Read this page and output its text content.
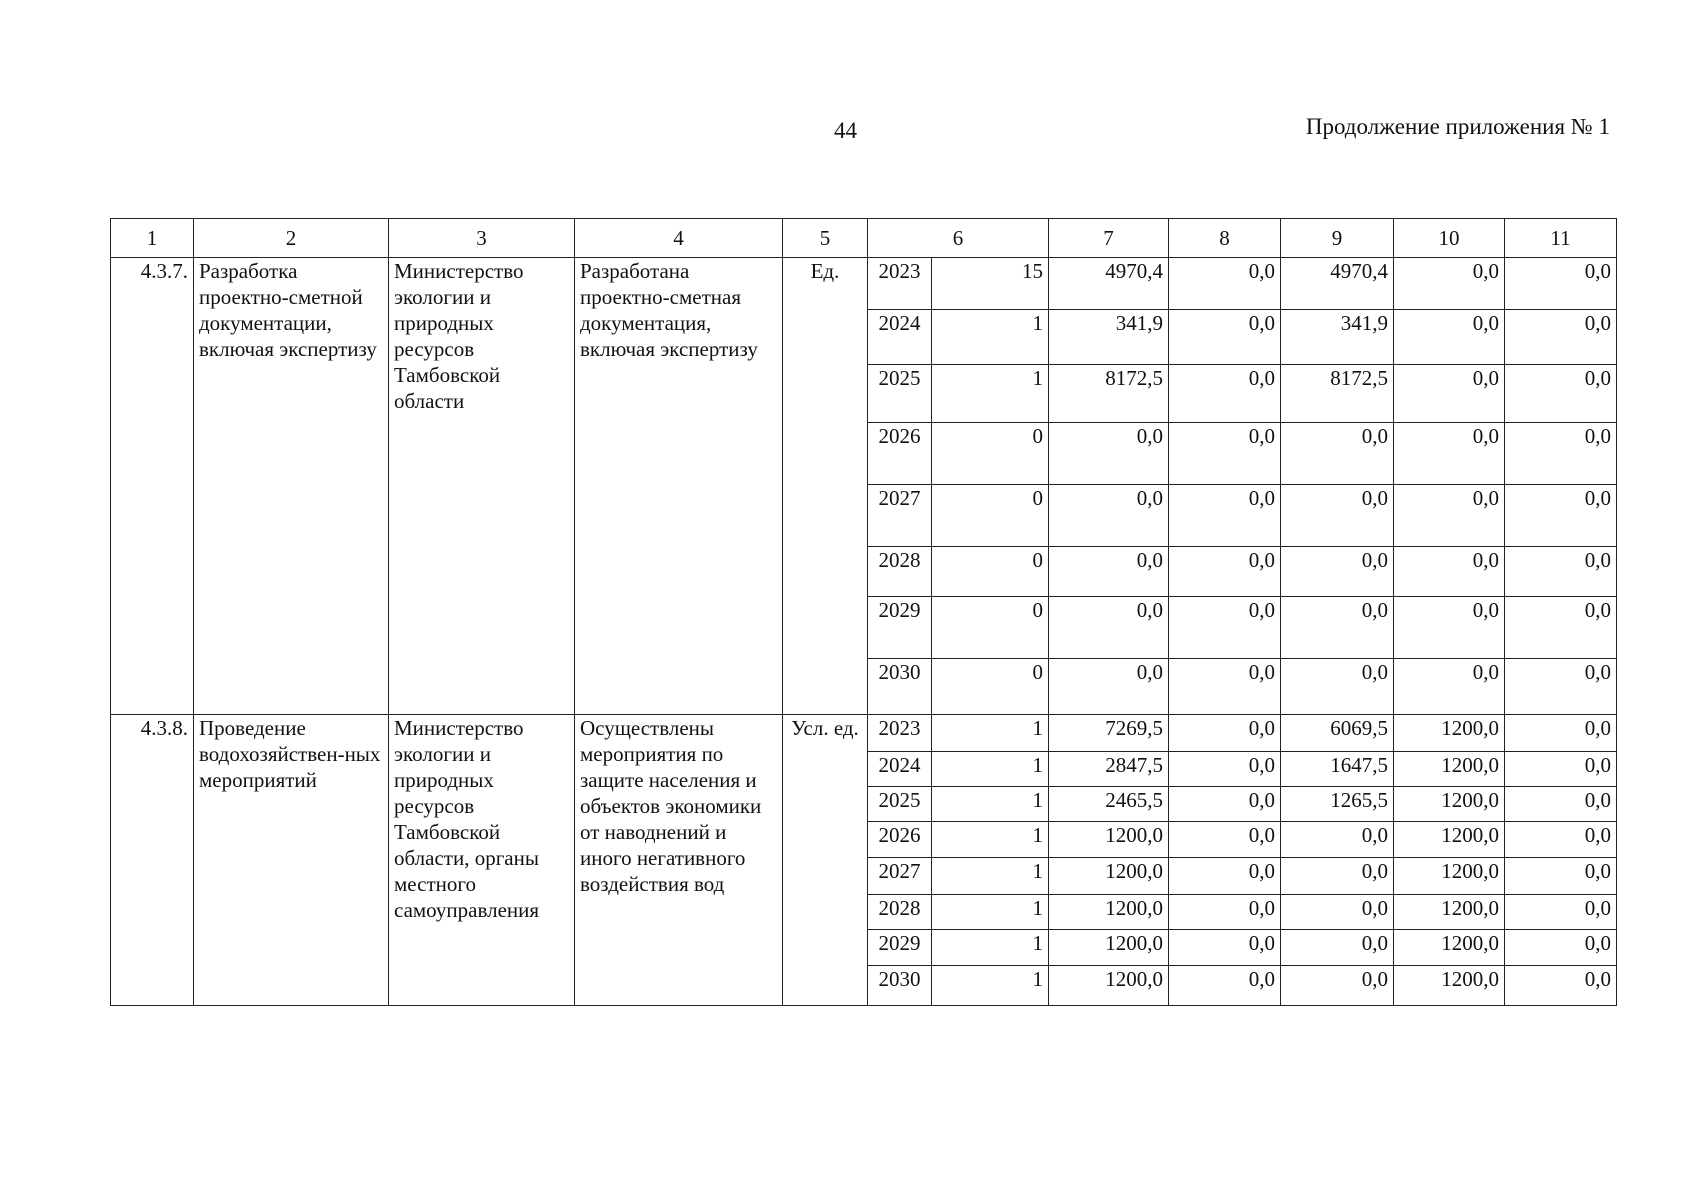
44	Продолжение приложения № 1
1	2	3	4	5	6		7	8	9	10	11
4.3.7.	Разработка проектно-сметной документации, включая экспертизу	Министерство экологии и природных ресурсов Тамбовской области	Разработана проектно-сметная документация, включая экспертизу	Ед.	2023	15	4970,4	0,0	4970,4	0,0	0,0
					2024	1	341,9	0,0	341,9	0,0	0,0
					2025	1	8172,5	0,0	8172,5	0,0	0,0
					2026	0	0,0	0,0	0,0	0,0	0,0
					2027	0	0,0	0,0	0,0	0,0	0,0
					2028	0	0,0	0,0	0,0	0,0	0,0
					2029	0	0,0	0,0	0,0	0,0	0,0
					2030	0	0,0	0,0	0,0	0,0	0,0
4.3.8.	Проведение водохозяйствен-ных мероприятий	Министерство экологии и природных ресурсов Тамбовской области, органы местного самоуправления	Осуществлены мероприятия по защите населения и объектов экономики от наводнений и иного негативного воздействия вод	Усл. ед.	2023	1	7269,5	0,0	6069,5	1200,0	0,0
					2024	1	2847,5	0,0	1647,5	1200,0	0,0
					2025	1	2465,5	0,0	1265,5	1200,0	0,0
					2026	1	1200,0	0,0	0,0	1200,0	0,0
					2027	1	1200,0	0,0	0,0	1200,0	0,0
					2028	1	1200,0	0,0	0,0	1200,0	0,0
					2029	1	1200,0	0,0	0,0	1200,0	0,0
					2030	1	1200,0	0,0	0,0	1200,0	0,0
